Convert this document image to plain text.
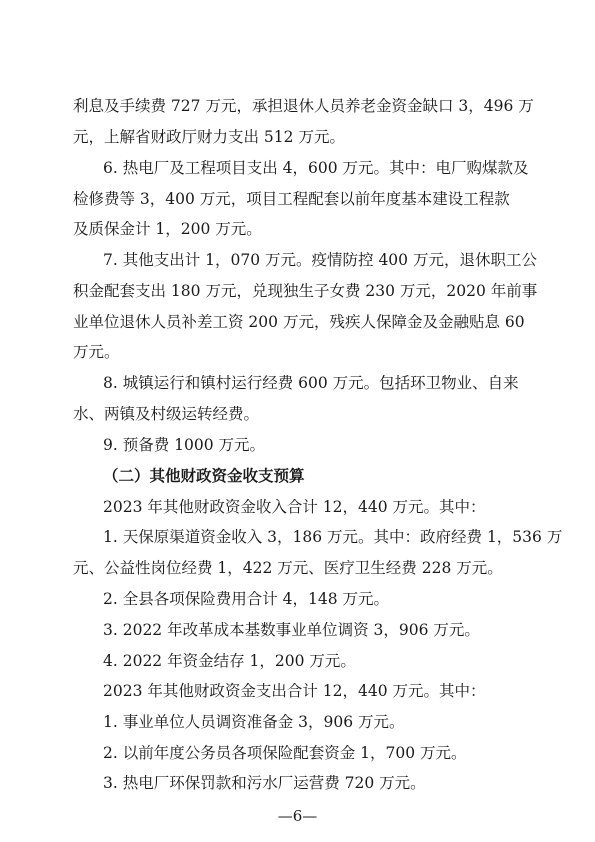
利息及手续费 727 万元，承担退休人员养老金资金缺口 3，496 万
元，上解省财政厅财力支出 512 万元。
6. 热电厂及工程项目支出 4，600 万元。其中：电厂购煤款及
检修费等 3，400 万元，项目工程配套以前年度基本建设工程款
及质保金计 1，200 万元。
7. 其他支出计 1，070 万元。疫情防控 400 万元，退休职工公
积金配套支出 180 万元，兑现独生子女费 230 万元，2020 年前事
业单位退休人员补差工资 200 万元，残疾人保障金及金融贴息 60
万元。
8. 城镇运行和镇村运行经费 600 万元。包括环卫物业、自来
水、两镇及村级运转经费。
9. 预备费 1000 万元。
（二）其他财政资金收支预算
2023 年其他财政资金收入合计 12，440 万元。其中：
1. 天保原渠道资金收入 3，186 万元。其中：政府经费 1，536 万
元、公益性岗位经费 1，422 万元、医疗卫生经费 228 万元。
2. 全县各项保险费用合计 4，148 万元。
3. 2022 年改革成本基数事业单位调资 3，906 万元。
4. 2022 年资金结存 1，200 万元。
2023 年其他财政资金支出合计 12，440 万元。其中：
1. 事业单位人员调资准备金 3，906 万元。
2. 以前年度公务员各项保险配套资金 1，700 万元。
3. 热电厂环保罚款和污水厂运营费 720 万元。
—6—
